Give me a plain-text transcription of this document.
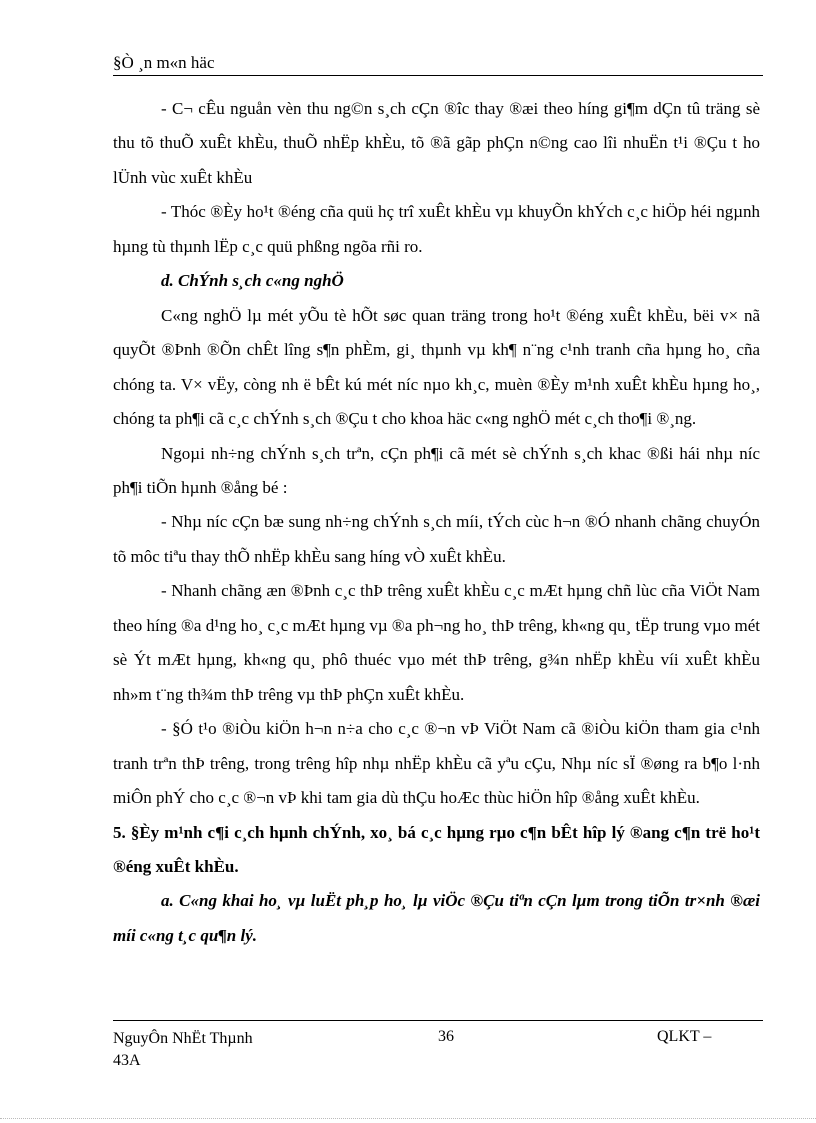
§Ò ¸n m«n häc

- C¬ cÊu nguån vèn thu ng©n s¸ch cÇn ®îc thay ®æi theo híng gi¶m dÇn tû träng sè thu tõ thuÕ xuÊt khÈu, thuÕ nhËp khÈu, tõ ®ã gãp phÇn n©ng cao lîi nhuËn t¹i ®Çu t ho lÜnh vùc xuÊt khÈu

- Thóc ®Èy ho¹t ®éng cña quü hç trî xuÊt khÈu vµ khuyÕn khÝch c¸c hiÖp héi ngµnh hµng tù thµnh lËp c¸c quü phßng ngõa rñi ro.

d. ChÝnh s¸ch c«ng nghÖ

C«ng nghÖ lµ mét yÕu tè hÕt søc quan träng trong ho¹t ®éng xuÊt khÈu, bëi v× nã quyÕt ®Þnh ®Õn chÊt lîng s¶n phÈm, gi¸ thµnh vµ kh¶ n¨ng c¹nh tranh cña hµng ho¸ cña chóng ta. V× vËy, còng nh ë bÊt kú mét níc nµo kh¸c, muèn ®Èy m¹nh xuÊt khÈu hµng ho¸, chóng ta ph¶i cã c¸c chÝnh s¸ch ®Çu t cho khoa häc c«ng nghÖ mét c¸ch tho¶i ®¸ng.

Ngoµi nh÷ng chÝnh s¸ch trªn, cÇn ph¶i cã mét sè chÝnh s¸ch khac ®ßi hái nhµ níc ph¶i tiÕn hµnh ®ång bé :

- Nhµ níc cÇn bæ sung nh÷ng chÝnh s¸ch míi, tÝch cùc h¬n ®Ó nhanh chãng chuyÓn tõ môc tiªu thay thÕ nhËp khÈu sang híng vÒ xuÊt khÈu.

- Nhanh chãng æn ®Þnh c¸c thÞ trêng xuÊt khÈu c¸c mÆt hµng chñ lùc cña ViÖt Nam theo híng ®a d¹ng ho¸ c¸c mÆt hµng vµ ®a ph¬ng ho¸ thÞ trêng, kh«ng qu¸ tËp trung vµo mét sè Ýt mÆt hµng, kh«ng qu¸ phô thuéc vµo mét thÞ trêng, g¾n nhËp khÈu víi xuÊt khÈu nh»m t¨ng th¾m thÞ trêng vµ thÞ phÇn xuÊt khÈu.

- §Ó t¹o ®iÒu kiÖn h¬n n÷a cho c¸c ®¬n vÞ ViÖt Nam cã ®iÒu kiÖn tham gia c¹nh tranh trªn thÞ trêng, trong trêng hîp nhµ nhËp khÈu cã yªu cÇu, Nhµ níc sÏ ®øng ra b¶o l·nh miÔn phÝ cho c¸c ®¬n vÞ khi tam gia dù thÇu hoÆc thùc hiÖn hîp ®ång xuÊt khÈu.

5. §Èy m¹nh c¶i c¸ch hµnh chÝnh, xo¸ bá c¸c hµng rµo c¶n bÊt hîp lý ®ang c¶n trë ho¹t ®éng xuÊt khÈu.

a. C«ng khai ho¸ vµ luËt ph¸p ho¸ lµ viÖc ®Çu tiªn cÇn lµm trong tiÕn tr×nh ®æi míi c«ng t¸c qu¶n lý.

NguyÔn NhËt Thµnh
43A
36	QLKT –
